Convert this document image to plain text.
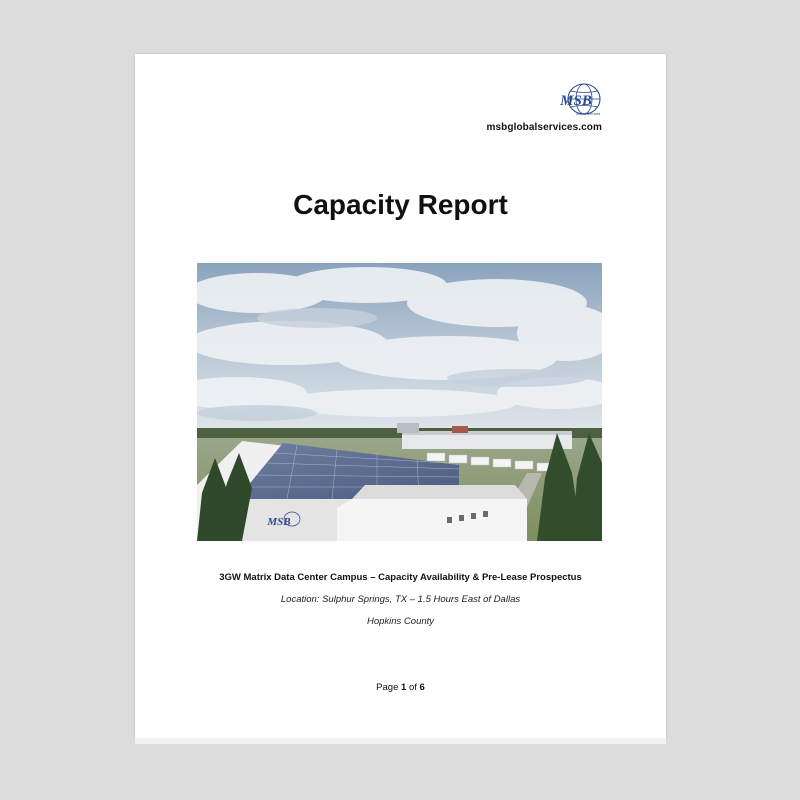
MSB
Global Services
msbglobalservices.com
Capacity Report
MSB
3GW Matrix Data Center Campus – Capacity Availability & Pre-Lease Prospectus
Location: Sulphur Springs, TX – 1.5 Hours East of Dallas
Hopkins County
Page 1 of 6
